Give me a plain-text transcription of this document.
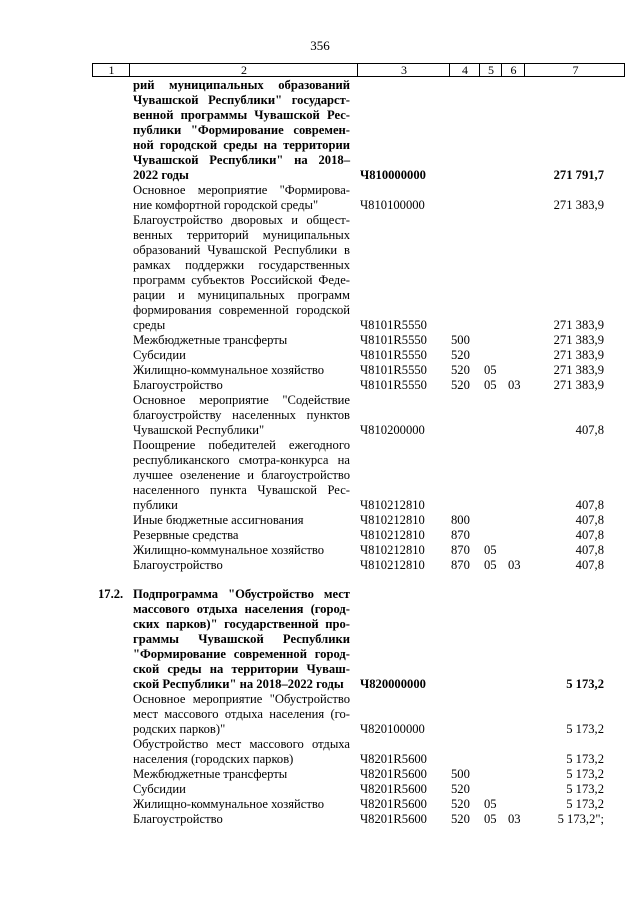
356
1	2	3	4	5	6	7
рий муниципальных образований
Чувашской Республики" государст-
венной программы Чувашской Рес-
публики "Формирование современ-
ной городской среды на территории
Чувашской Республики" на 2018–
2022 годы	Ч810000000	271 791,7
Основное мероприятие "Формирова-
ние комфортной городской среды"	Ч810100000	271 383,9
Благоустройство дворовых и общест-
венных территорий муниципальных
образований Чувашской Республики в
рамках поддержки государственных
программ субъектов Российской Феде-
рации и муниципальных программ
формирования современной городской
среды	Ч8101R5550	271 383,9
Межбюджетные трансферты	Ч8101R5550 500	271 383,9
Субсидии	Ч8101R5550 520	271 383,9
Жилищно-коммунальное хозяйство	Ч8101R5550 520 05	271 383,9
Благоустройство	Ч8101R5550 520 05 03	271 383,9
Основное мероприятие "Содействие
благоустройству населенных пунктов
Чувашской Республики"	Ч810200000	407,8
Поощрение победителей ежегодного
республиканского смотра-конкурса на
лучшее озеленение и благоустройство
населенного пункта Чувашской Рес-
публики	Ч810212810	407,8
Иные бюджетные ассигнования	Ч810212810 800	407,8
Резервные средства	Ч810212810 870	407,8
Жилищно-коммунальное хозяйство	Ч810212810 870 05	407,8
Благоустройство	Ч810212810 870 05 03	407,8
17.2. Подпрограмма "Обустройство мест
массового отдыха населения (город-
ских парков)" государственной про-
граммы Чувашской Республики
"Формирование современной город-
ской среды на территории Чуваш-
ской Республики" на 2018–2022 годы	Ч820000000	5 173,2
Основное мероприятие "Обустройство
мест массового отдыха населения (го-
родских парков)"	Ч820100000	5 173,2
Обустройство мест массового отдыха
населения (городских парков)	Ч8201R5600	5 173,2
Межбюджетные трансферты	Ч8201R5600 500	5 173,2
Субсидии	Ч8201R5600 520	5 173,2
Жилищно-коммунальное хозяйство	Ч8201R5600 520 05	5 173,2
Благоустройство	Ч8201R5600 520 05 03	5 173,2";
